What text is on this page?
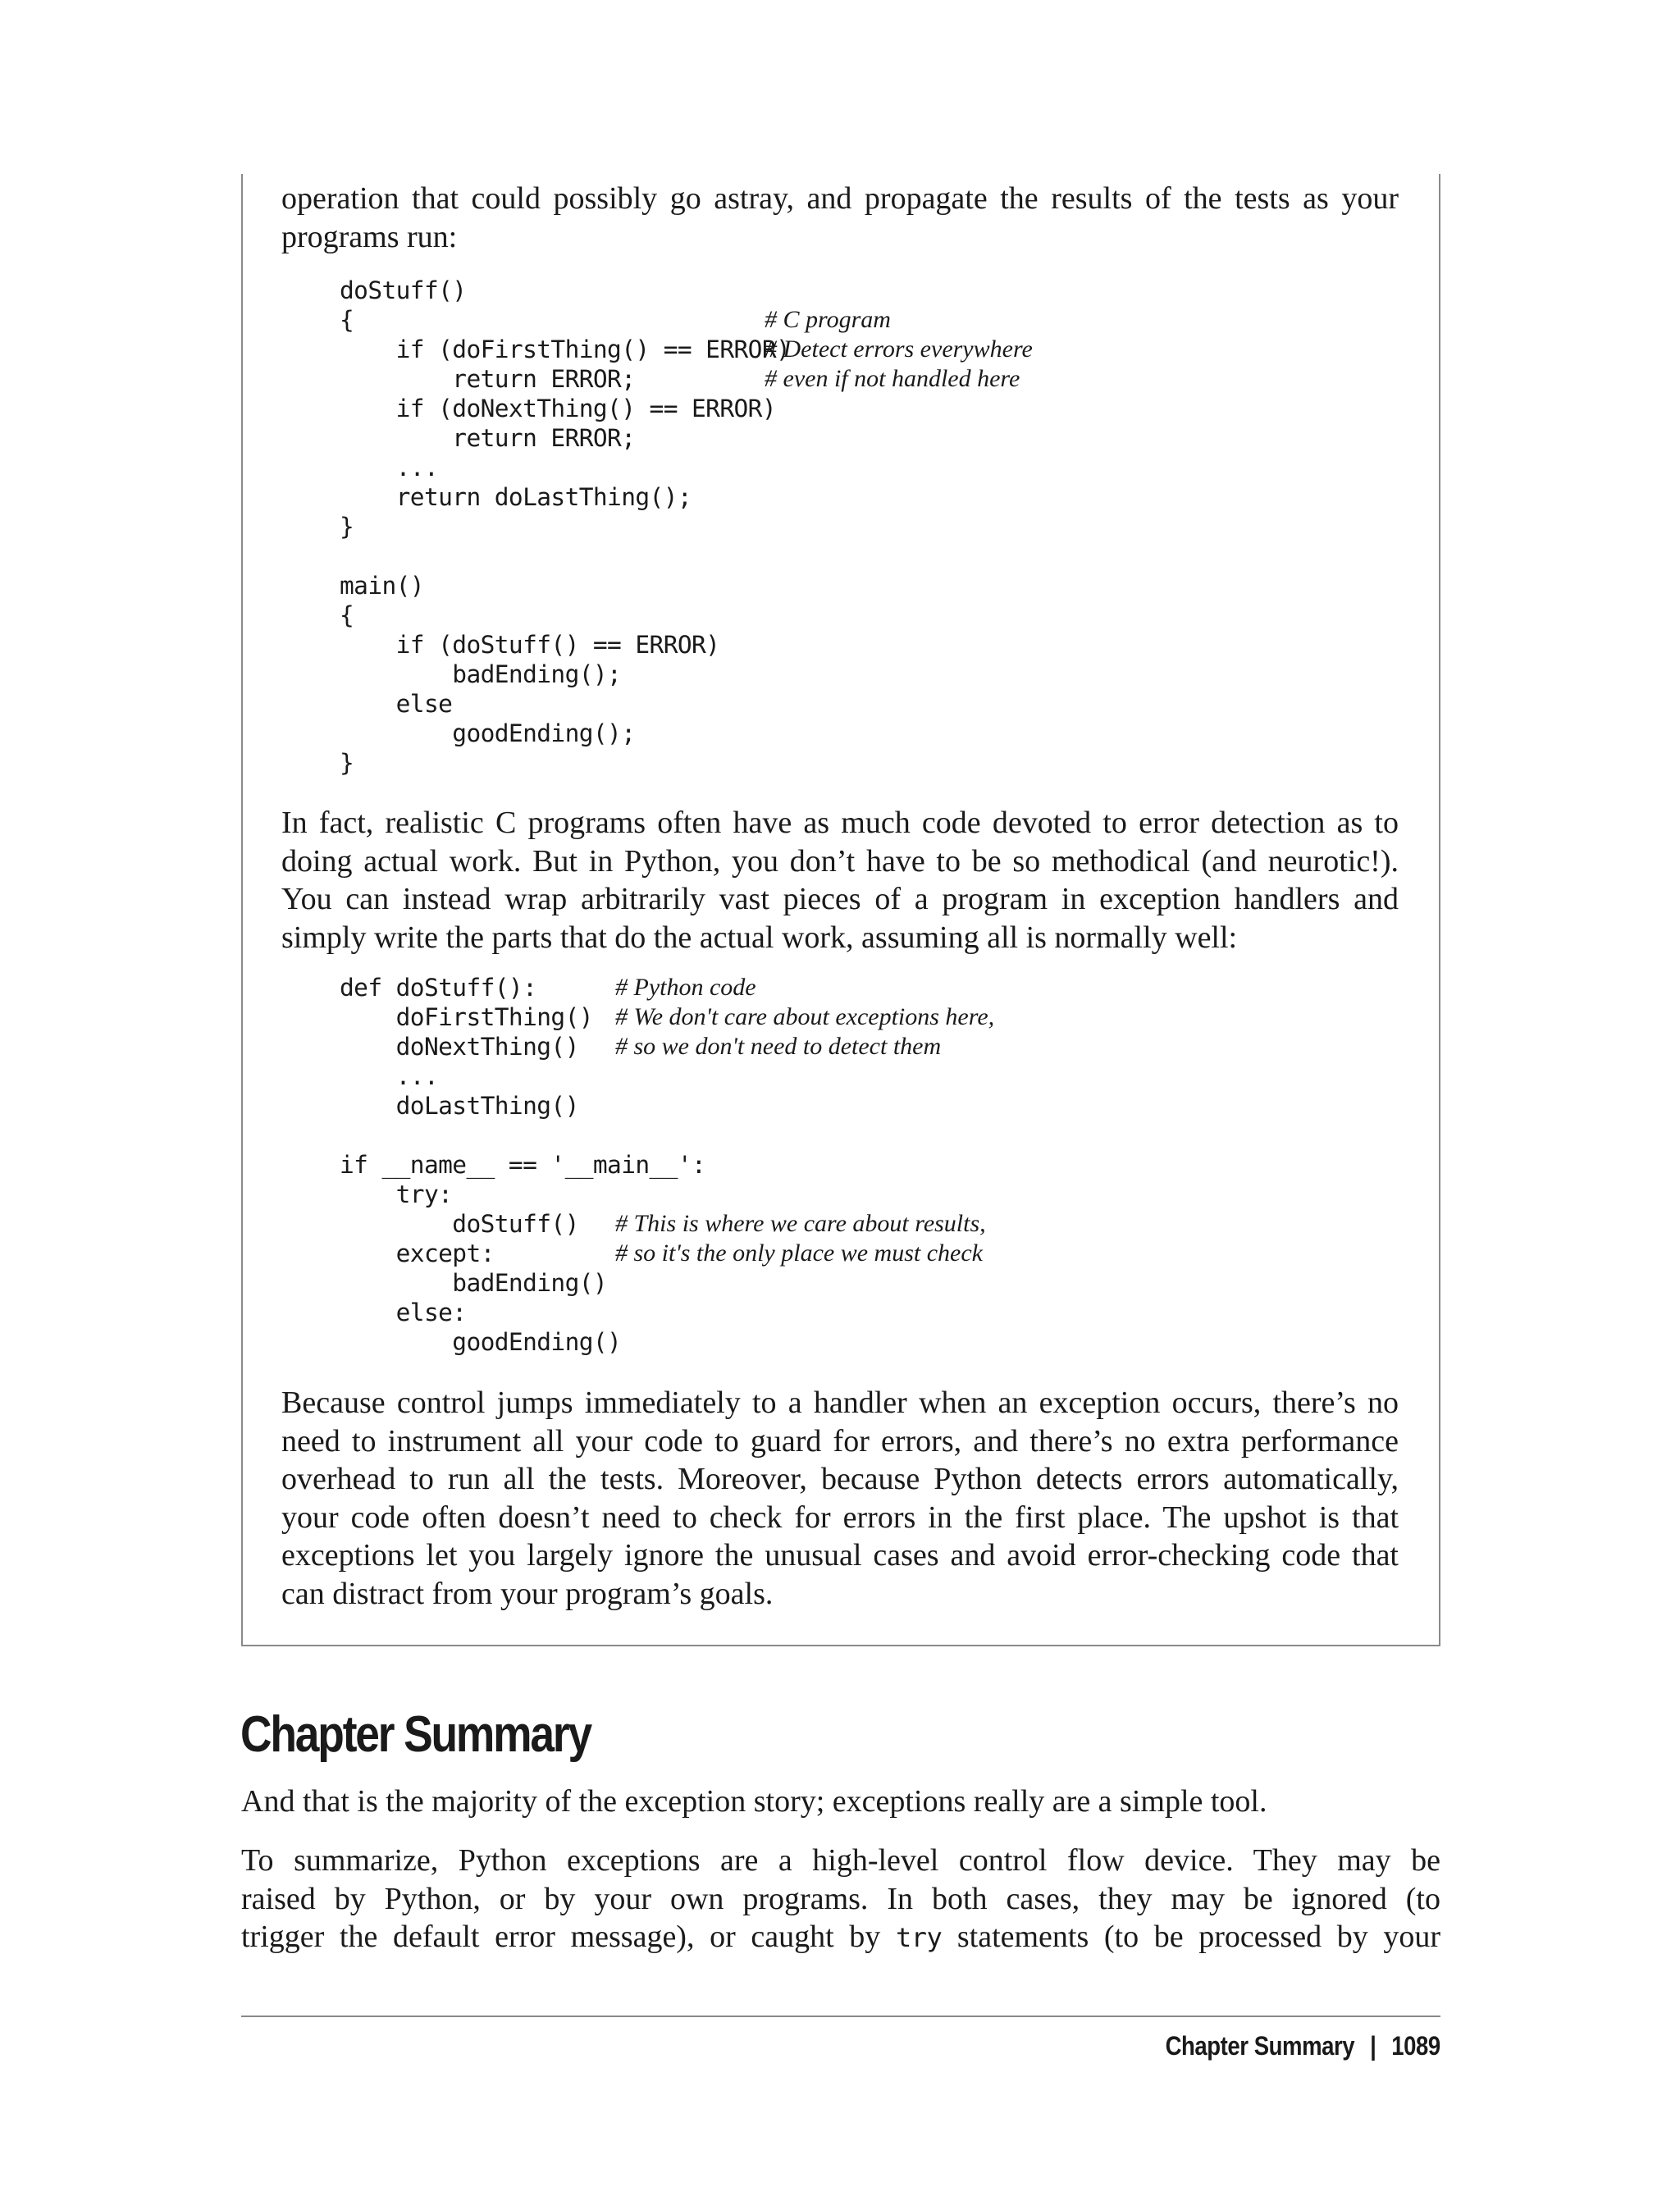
operation that could possibly go astray, and propagate the results of the tests as your
programs run:

doStuff()
{	# C program
if (doFirstThing() == ERROR)
# Detect errors everywhere
return ERROR;	# even if not handled here
if (doNextThing() == ERROR)
return ERROR;
...
return doLastThing();
}
main()
{
if (doStuff() == ERROR)
badEnding();
else
goodEnding();
}

In fact, realistic C programs often have as much code devoted to error detection as to
doing actual work. But in Python, you don’t have to be so methodical (and neurotic!).
You can instead wrap arbitrarily vast pieces of a program in exception handlers and
simply write the parts that do the actual work, assuming all is normally well:

def doStuff():	# Python code
doFirstThing() # We don't care about exceptions here,
doNextThing() # so we don't need to detect them
...
doLastThing()
if __name__ == '__main__':
try:
doStuff() # This is where we care about results,
except:	# so it's the only place we must check
badEnding()
else:
goodEnding()

Because control jumps immediately to a handler when an exception occurs, there’s no
need to instrument all your code to guard for errors, and there’s no extra performance
overhead to run all the tests. Moreover, because Python detects errors automatically,
your code often doesn’t need to check for errors in the first place. The upshot is that
exceptions let you largely ignore the unusual cases and avoid error-checking code that
can distract from your program’s goals.

Chapter Summary

And that is the majority of the exception story; exceptions really are a simple tool.

To summarize, Python exceptions are a high-level control flow device. They may be
raised by Python, or by your own programs. In both cases, they may be ignored (to
trigger the default error message), or caught by try statements (to be processed by your

Chapter Summary | 1089
